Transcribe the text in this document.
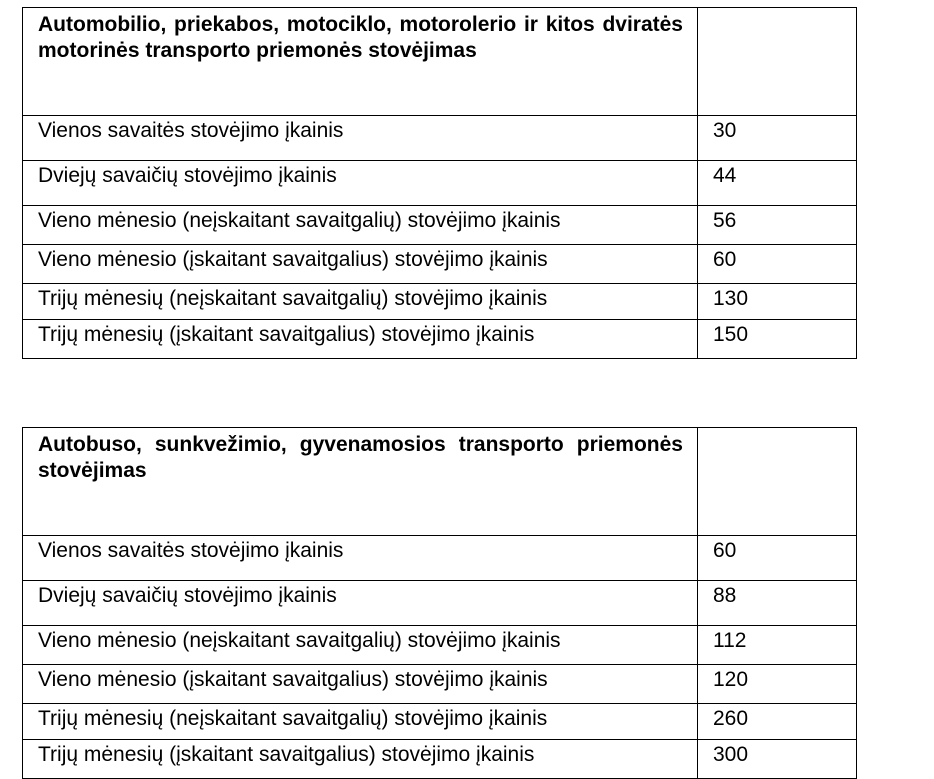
Automobilio, priekabos, motociklo, motorolerio ir kitos dviratės motorinės transporto priemonės stovėjimas	
Vienos savaitės stovėjimo įkainis	30
Dviejų savaičių stovėjimo įkainis	44
Vieno mėnesio (neįskaitant savaitgalių) stovėjimo įkainis	56
Vieno mėnesio (įskaitant savaitgalius) stovėjimo įkainis	60
Trijų mėnesių (neįskaitant savaitgalių) stovėjimo įkainis	130
Trijų mėnesių (įskaitant savaitgalius) stovėjimo įkainis	150
Autobuso, sunkvežimio, gyvenamosios transporto priemonės stovėjimas	
Vienos savaitės stovėjimo įkainis	60
Dviejų savaičių stovėjimo įkainis	88
Vieno mėnesio (neįskaitant savaitgalių) stovėjimo įkainis	112
Vieno mėnesio (įskaitant savaitgalius) stovėjimo įkainis	120
Trijų mėnesių (neįskaitant savaitgalių) stovėjimo įkainis	260
Trijų mėnesių (įskaitant savaitgalius) stovėjimo įkainis	300
